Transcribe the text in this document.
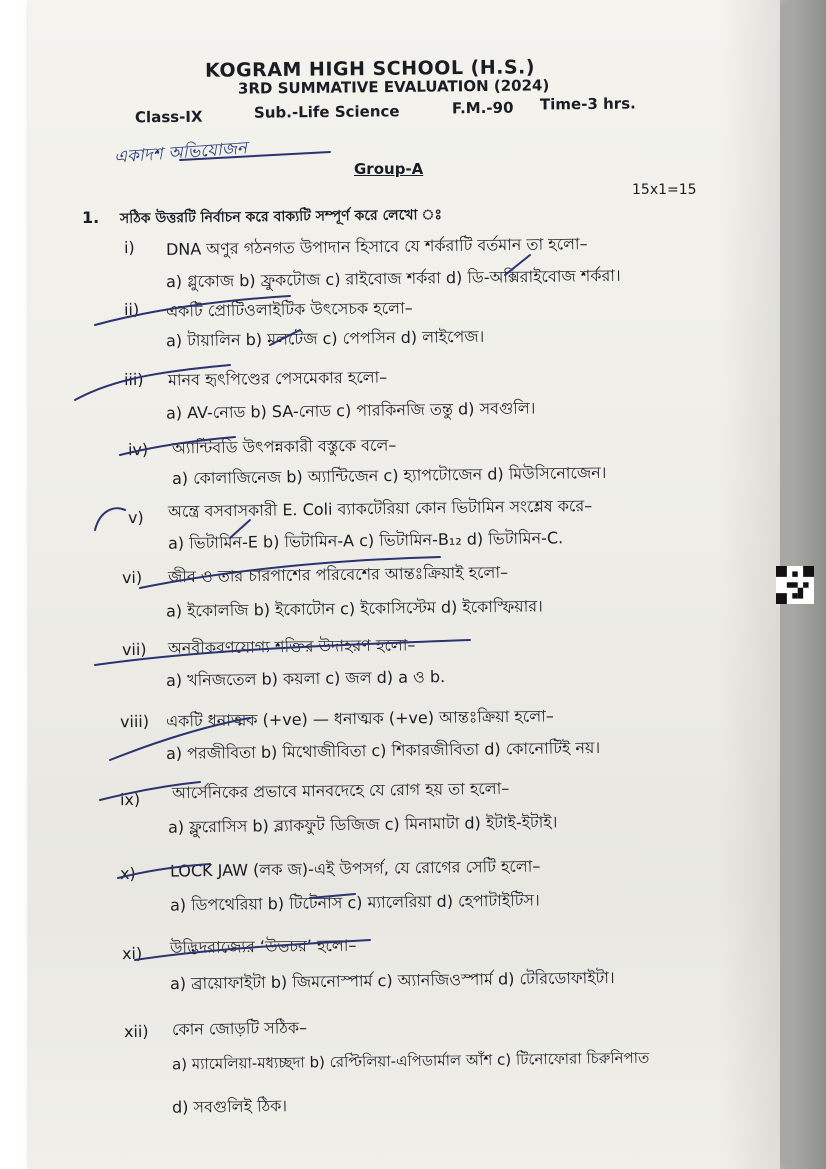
KOGRAM HIGH SCHOOL (H.S.)
3RD SUMMATIVE EVALUATION (2024)
Class-IX	Sub.-Life Science	F.M.-90 Time-3 hrs.
একাদশ অভিযোজন
Group-A
15x1=15
1. সঠিক উত্তরটি নির্বাচন করে বাক্যটি সম্পূর্ণ করে লেখো ঃ
i) DNA অণুর গঠনগত উপাদান হিসাবে যে শর্করাটি বর্তমান তা হলো–
a) গ্লুকোজ b) ফ্রুকটোজ c) রাইবোজ শর্করা d) ডি-অক্সিরাইবোজ শর্করা।
ii) একটি প্রোটিওলাইটিক উৎসেচক হলো–
a) টায়ালিন b) মলটেজ c) পেপসিন d) লাইপেজ।
iii) মানব হৃৎপিণ্ডের পেসমেকার হলো–
a) AV-নোড b) SA-নোড c) পারকিনজি তন্তু d) সবগুলি।
iv) অ্যান্টিবডি উৎপন্নকারী বস্তুকে বলে–
a) কোলাজিনেজ b) অ্যান্টিজেন c) হ্যাপটোজেন d) মিউসিনোজেন।
v) অন্ত্রে বসবাসকারী E. Coli ব্যাকটেরিয়া কোন ভিটামিন সংশ্লেষ করে–
a) ভিটামিন-E b) ভিটামিন-A c) ভিটামিন-B₁₂ d) ভিটামিন-C.
vi) জীব ও তার চারপাশের পরিবেশের আন্তঃক্রিয়াই হলো–
a) ইকোলজি b) ইকোটোন c) ইকোসিস্টেম d) ইকোস্ফিয়ার।
vii) অনবীকরণযোগ্য শক্তির উদাহরণ হলো–
a) খনিজতেল b) কয়লা c) জল d) a ও b.
viii) একটি ধনাত্মক (+ve) — ধনাত্মক (+ve) আন্তঃক্রিয়া হলো–
a) পরজীবিতা b) মিথোজীবিতা c) শিকারজীবিতা d) কোনোটিই নয়।
ix) আর্সেনিকের প্রভাবে মানবদেহে যে রোগ হয় তা হলো–
a) ফ্লুরোসিস b) ব্ল্যাকফুট ডিজিজ c) মিনামাটা d) ইটাই-ইটাই।
x) LOCK JAW (লক জ)-এই উপসর্গ, যে রোগের সেটি হলো–
a) ডিপথেরিয়া b) টিটেনাস c) ম্যালেরিয়া d) হেপাটাইটিস।
xi) উদ্ভিদরাজ্যের ‘উভচর’ হলো–
a) ব্রায়োফাইটা b) জিমনোস্পার্ম c) অ্যানজিওস্পার্ম d) টেরিডোফাইটা।
xii) কোন জোড়টি সঠিক–
a) ম্যামেলিয়া-মধ্যচ্ছদা b) রেপ্টিলিয়া-এপিডার্মাল আঁশ c) টিনোফোরা চিরুনিপাত
d) সবগুলিই ঠিক।
